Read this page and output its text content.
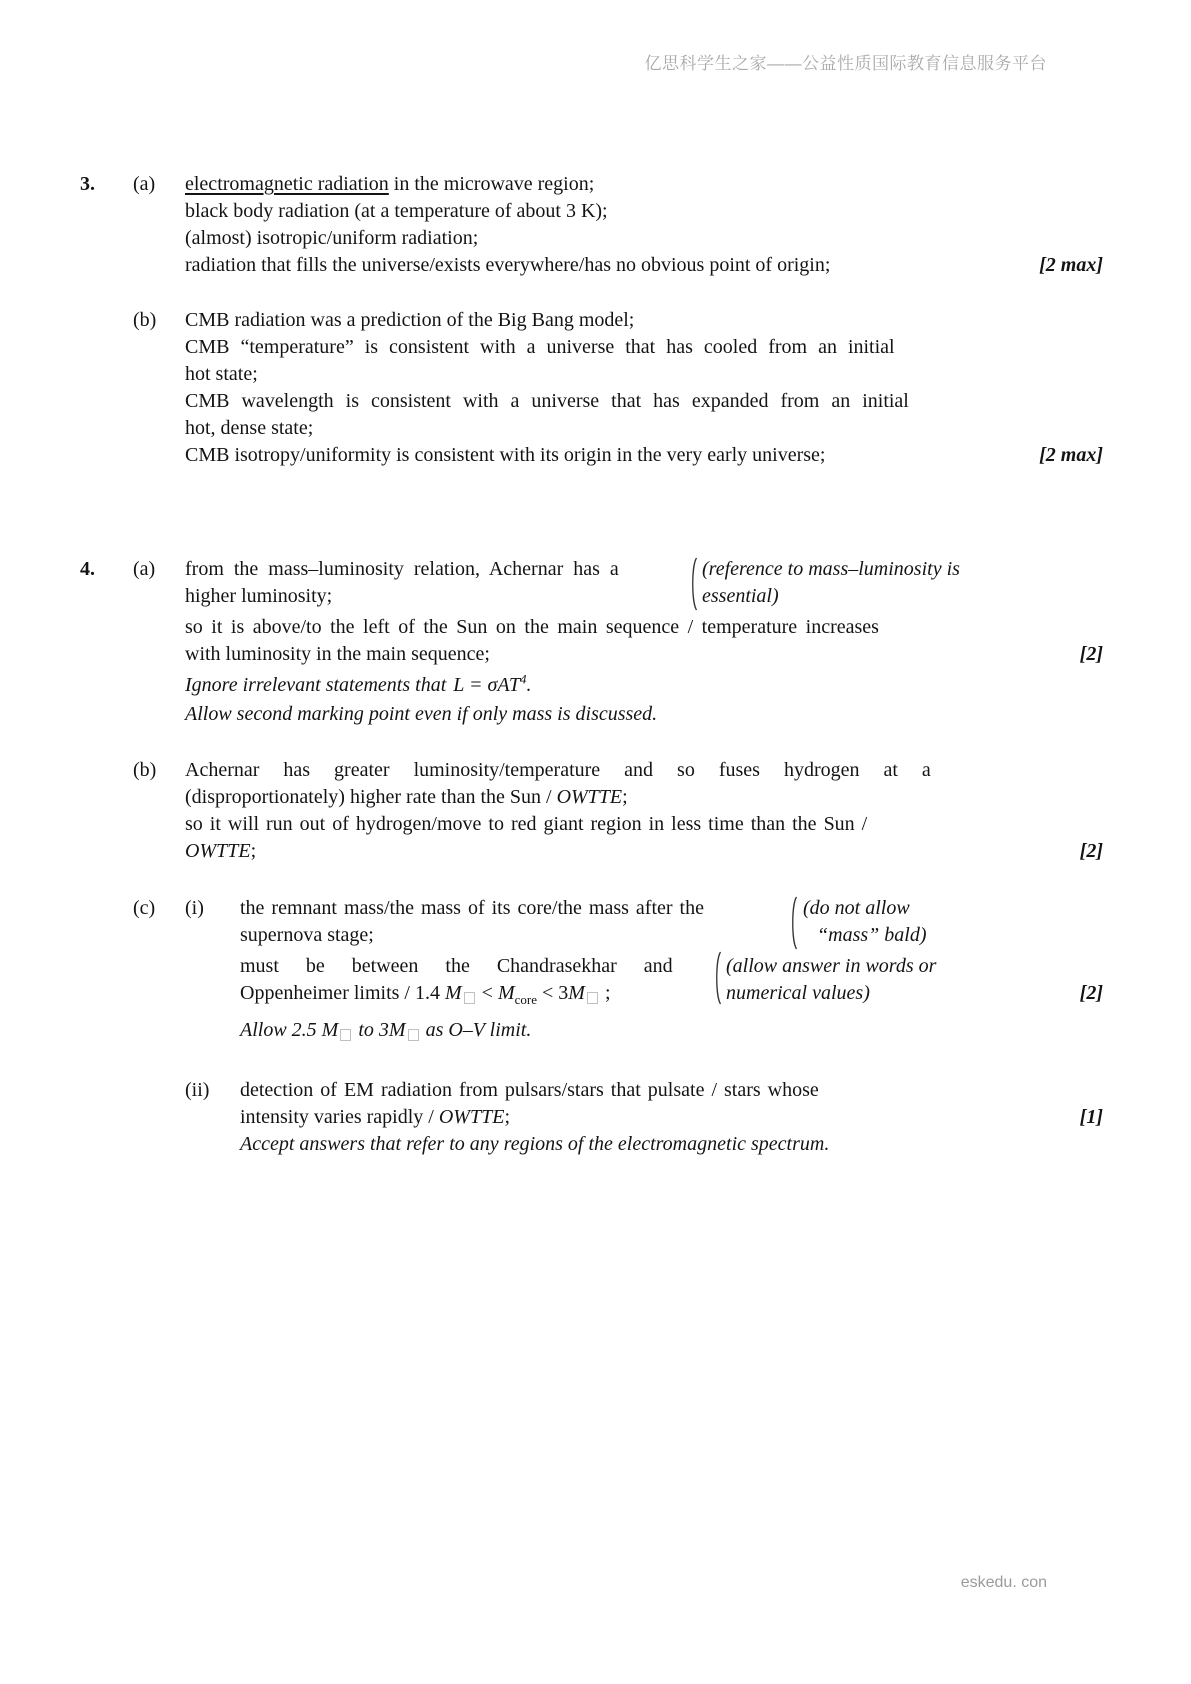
亿思科学生之家——公益性质国际教育信息服务平台
3. (a) electromagnetic radiation in the microwave region;
black body radiation (at a temperature of about 3 K);
(almost) isotropic/uniform radiation;
radiation that fills the universe/exists everywhere/has no obvious point of origin;	[2 max]
(b) CMB radiation was a prediction of the Big Bang model;
CMB “temperature” is consistent with a universe that has cooled from an initial
hot state;
CMB wavelength is consistent with a universe that has expanded from an initial
hot, dense state;
CMB isotropy/uniformity is consistent with its origin in the very early universe;	[2 max]
4. (a) from the mass–luminosity relation, Achernar has a
higher luminosity;
(reference to mass–luminosity is
essential)
so it is above/to the left of the Sun on the main sequence / temperature increases
with luminosity in the main sequence;	[2]
Ignore irrelevant statements that L = σAT$^4$.
Allow second marking point even if only mass is discussed.
(b) Achernar has greater luminosity/temperature and so fuses hydrogen at a
(disproportionately) higher rate than the Sun / OWTTE;
so it will run out of hydrogen/move to red giant region in less time than the Sun /
OWTTE;	[2]
(c) (i) the remnant mass/the mass of its core/the mass after the
supernova stage;
(do not allow
“mass” bald)
must be between the Chandrasekhar and	(allow answer in words or
numerical values)
Oppenheimer limits / 1.4 $M < M_{core} < 3M$ ;	[2]
Allow 2.5 M to 3M as O–V limit.
(ii) detection of EM radiation from pulsars/stars that pulsate / stars whose
intensity varies rapidly / OWTTE;	[1]
Accept answers that refer to any regions of the electromagnetic spectrum.
eskedu. con
